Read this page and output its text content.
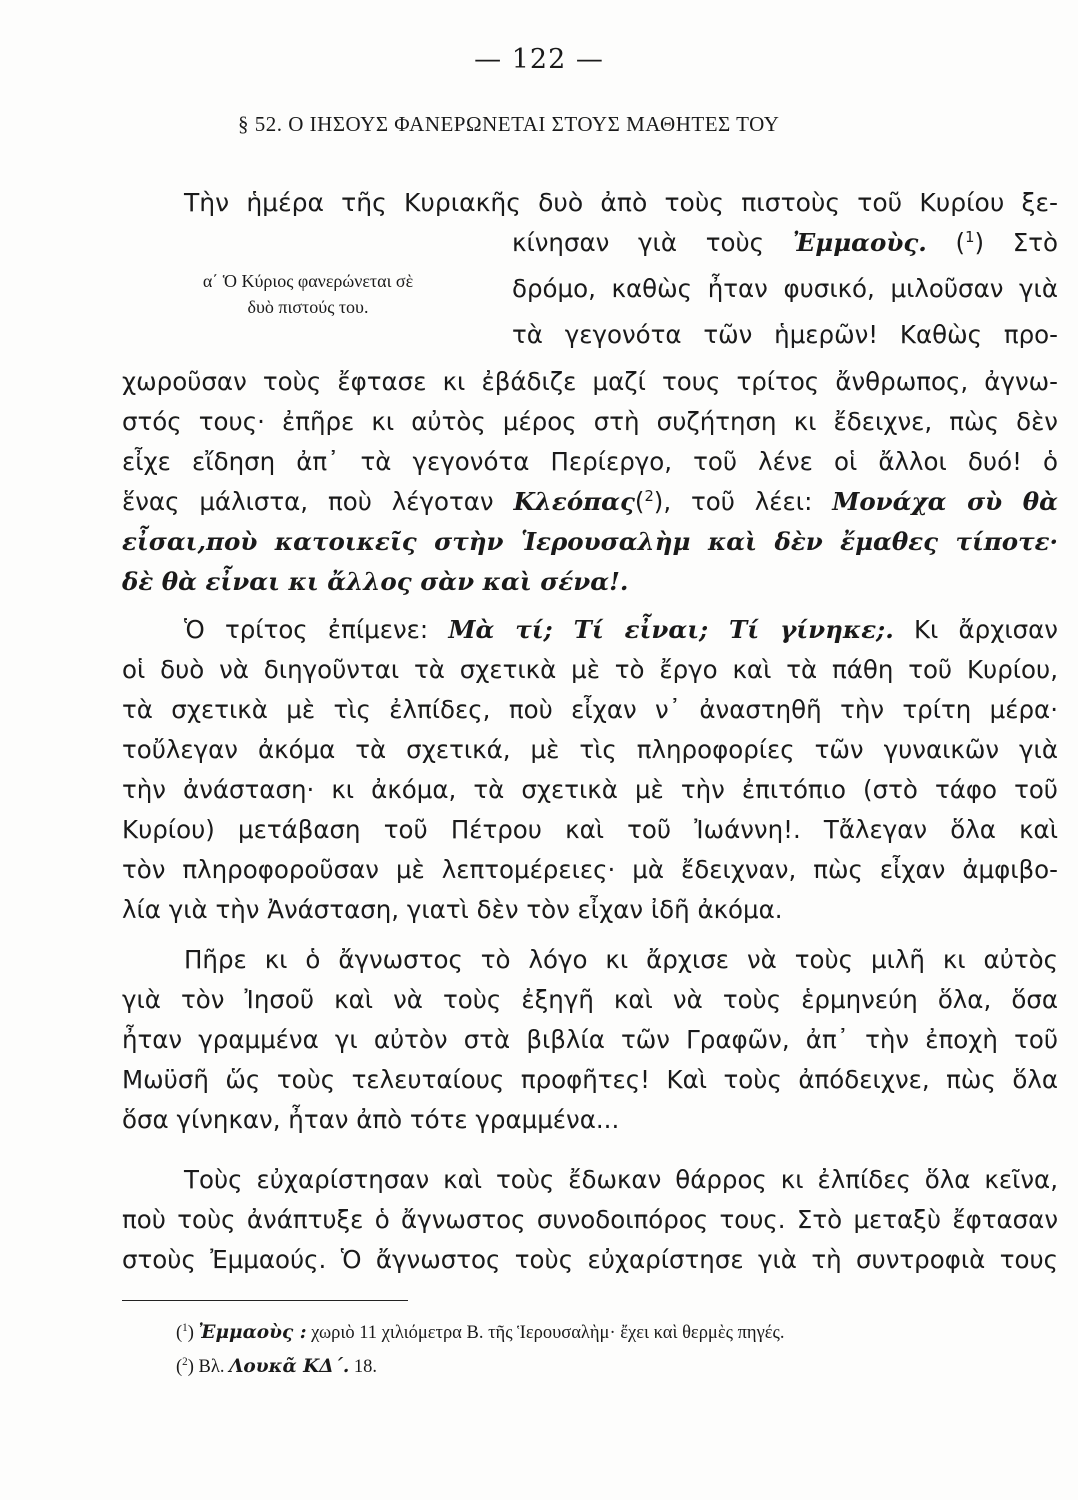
— 122 —
§ 52. Ο ΙΗΣΟΥΣ ΦΑΝΕΡΩΝΕΤΑΙ ΣΤΟΥΣ ΜΑΘΗΤΕΣ ΤΟΥ
Τὴν ἡμέρα τῆς Κυριακῆς δυὸ ἀπὸ τοὺς πιστοὺς τοῦ Κυρίου ξε-
α΄ Ὁ Κύριος φανερώνεται σὲ
δυὸ πιστούς του.
κίνησαν γιὰ τοὺς Ἐμμαοὺς. ($^1$) Στὸ
δρόμο, καθὼς ἦταν φυσικό, μιλοῦσαν γιὰ
τὰ γεγονότα τῶν ἡμερῶν! Καθὼς προ-
χωροῦσαν τοὺς ἔφτασε κι ἐβάδιζε μαζί τους τρίτος ἄνθρωπος, ἀγνω-
στός τους· ἐπῆρε κι αὐτὸς μέρος στὴ συζήτηση κι ἔδειχνε, πὼς δὲν
εἶχε εἴδηση ἀπ᾽ τὰ γεγονότα Περίεργο, τοῦ λένε οἱ ἄλλοι δυό! ὁ
ἕνας μάλιστα, ποὺ λέγοταν Κλεόπας($^2$), τοῦ λέει: Μονάχα σὺ θὰ
εἶσαι,ποὺ κατοικεῖς στὴν Ἱερουσαλὴμ καὶ δὲν ἔμαθες τίποτε·
δὲ θὰ εἶναι κι ἄλλος σὰν καὶ σένα!.
Ὁ τρίτος ἐπίμενε: Μὰ τί; Τί εἶναι; Τί γίνηκε;. Κι ἄρχισαν
οἱ δυὸ νὰ διηγοῦνται τὰ σχετικὰ μὲ τὸ ἔργο καὶ τὰ πάθη τοῦ Κυρίου,
τὰ σχετικὰ μὲ τὶς ἐλπίδες, ποὺ εἶχαν ν᾽ ἀναστηθῆ τὴν τρίτη μέρα·
τοὔλεγαν ἀκόμα τὰ σχετικά, μὲ τὶς πληροφορίες τῶν γυναικῶν γιὰ
τὴν ἀνάσταση· κι ἀκόμα, τὰ σχετικὰ μὲ τὴν ἐπιτόπιο (στὸ τάφο τοῦ
Κυρίου) μετάβαση τοῦ Πέτρου καὶ τοῦ Ἰωάννη!. Τἄλεγαν ὅλα καὶ
τὸν πληροφοροῦσαν μὲ λεπτομέρειες· μὰ ἔδειχναν, πὼς εἶχαν ἀμφιβο-
λία γιὰ τὴν Ἀνάσταση, γιατὶ δὲν τὸν εἶχαν ἰδῆ ἀκόμα.
Πῆρε κι ὁ ἄγνωστος τὸ λόγο κι ἄρχισε νὰ τοὺς μιλῆ κι αὐτὸς
γιὰ τὸν Ἰησοῦ καὶ νὰ τοὺς ἐξηγῆ καὶ νὰ τοὺς ἑρμηνεύη ὅλα, ὅσα
ἦταν γραμμένα γι αὐτὸν στὰ βιβλία τῶν Γραφῶν, ἀπ᾽ τὴν ἐποχὴ τοῦ
Μωϋσῆ ὥς τοὺς τελευταίους προφῆτες! Καὶ τοὺς ἀπόδειχνε, πὼς ὅλα
ὅσα γίνηκαν, ἦταν ἀπὸ τότε γραμμένα...
Τοὺς εὐχαρίστησαν καὶ τοὺς ἔδωκαν θάρρος κι ἐλπίδες ὅλα κεῖνα,
ποὺ τοὺς ἀνάπτυξε ὁ ἄγνωστος συνοδοιπόρος τους. Στὸ μεταξὺ ἔφτασαν
στοὺς Ἐμμαούς. Ὁ ἄγνωστος τοὺς εὐχαρίστησε γιὰ τὴ συντροφιὰ τους
($^1$) Ἐμμαοὺς : χωριὸ 11 χιλιόμετρα Β. τῆς Ἱερουσαλὴμ· ἔχει καὶ θερμὲς πηγές.
($^2$) Βλ. Λουκᾶ ΚΔ΄. 18.
